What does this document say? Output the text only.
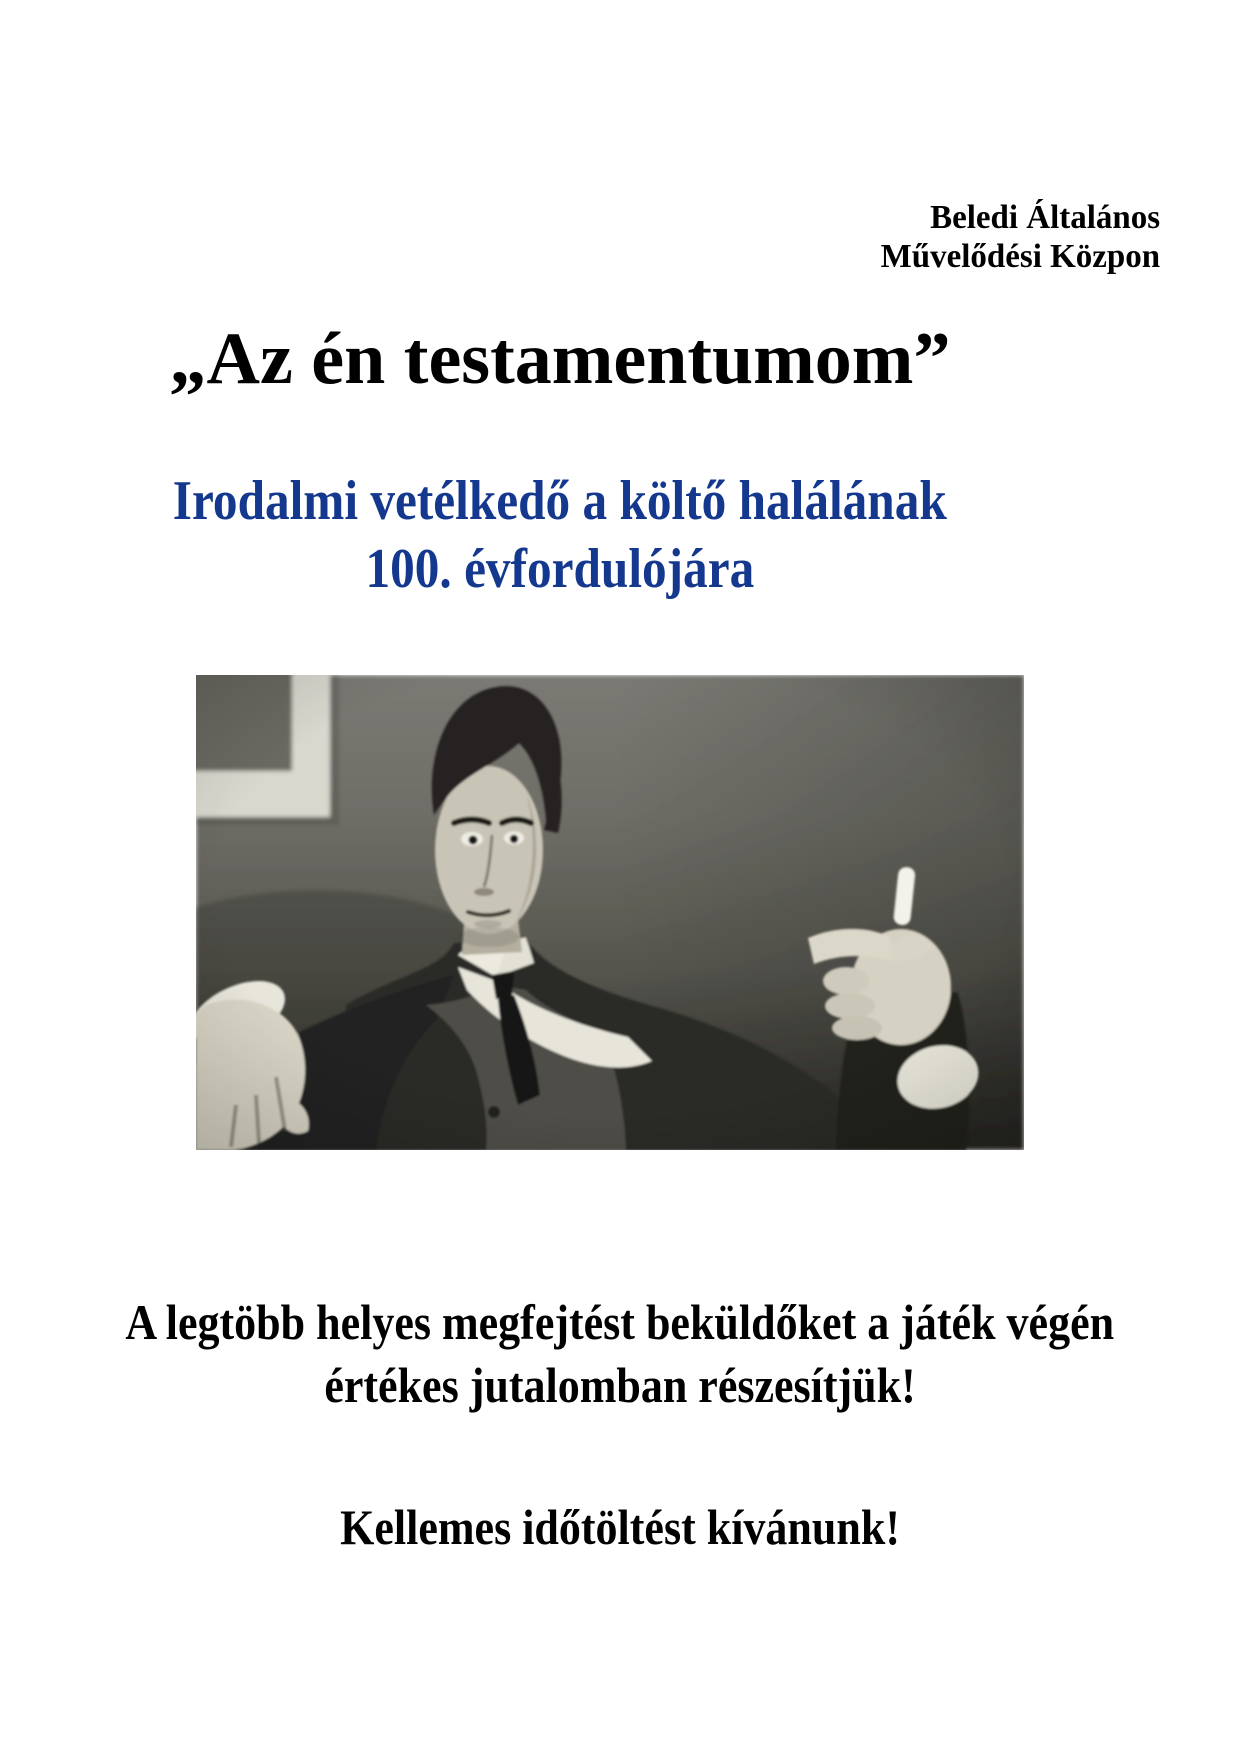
Beledi Általános
Művelődési Közpon
„Az én testamentumom”
Irodalmi vetélkedő a költő halálának
100. évfordulójára
A legtöbb helyes megfejtést beküldőket a játék végén
értékes jutalomban részesítjük!
Kellemes időtöltést kívánunk!
